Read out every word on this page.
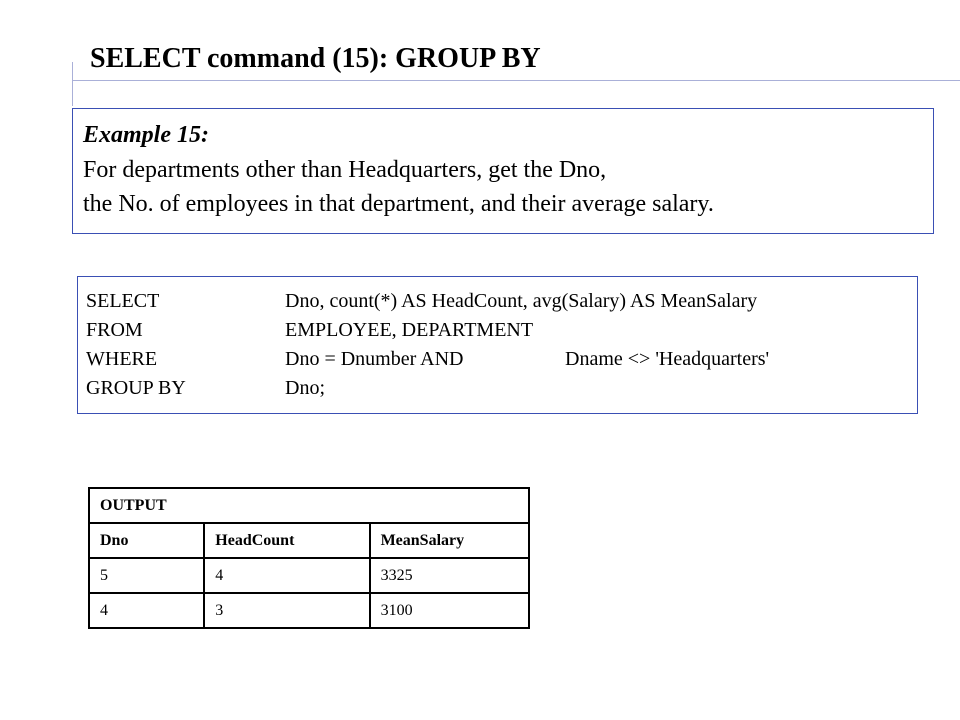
SELECT command (15): GROUP BY
Example 15:
For departments other than Headquarters, get the Dno,
the No. of employees in that department, and their average salary.
SELECT	Dno, count(*) AS HeadCount, avg(Salary) AS MeanSalary
FROM	EMPLOYEE, DEPARTMENT
WHERE	Dno = Dnumber AND	Dname <> 'Headquarters'
GROUP BY	Dno;
OUTPUT		
Dno	HeadCount	MeanSalary
5	4	3325
4	3	3100
